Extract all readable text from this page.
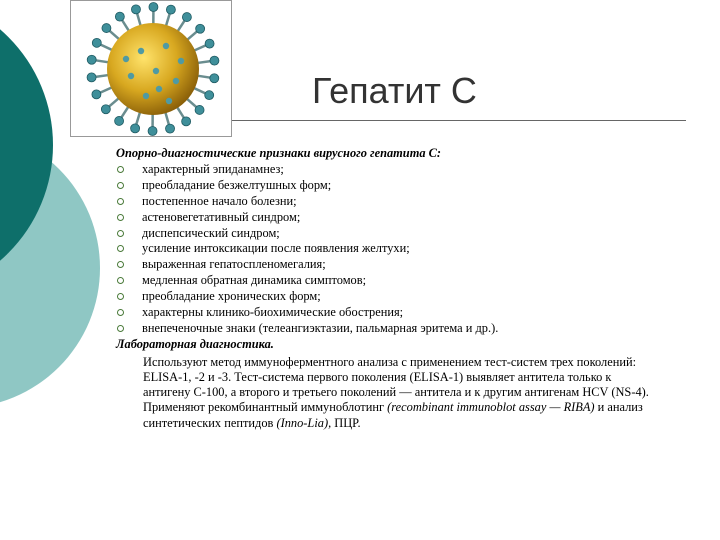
Гепатит С

Опорно-диагностические признаки вирусного гепатита С:

характерный эпиданамнез;
преобладание безжелтушных форм;
постепенное начало болезни;
астеновегетативный синдром;
диспепсический синдром;
усиление интоксикации после появления желтухи;
выраженная гепатоспленомегалия;
медленная обратная динамика симптомов;
преобладание хронических форм;
характерны клинико-биохимические обострения;
внепеченочные знаки (телеангиэктазии, пальмарная эритема и др.).

Лабораторная диагностика.

Используют метод иммуноферментного анализа с применением тест-систем трех поколений: ELISA-1, -2 и -3. Тест-система первого поколения (ELISA-1) выявляет антитела только к антигену С-100, а второго и третьего поколений — антитела и к другим антигенам HCV (NS-4). Применяют рекомбинантный иммуноблотинг (recombinant immunoblot assay — RIBA) и анализ синтетических пептидов (Inno-Lia), ПЦР.
